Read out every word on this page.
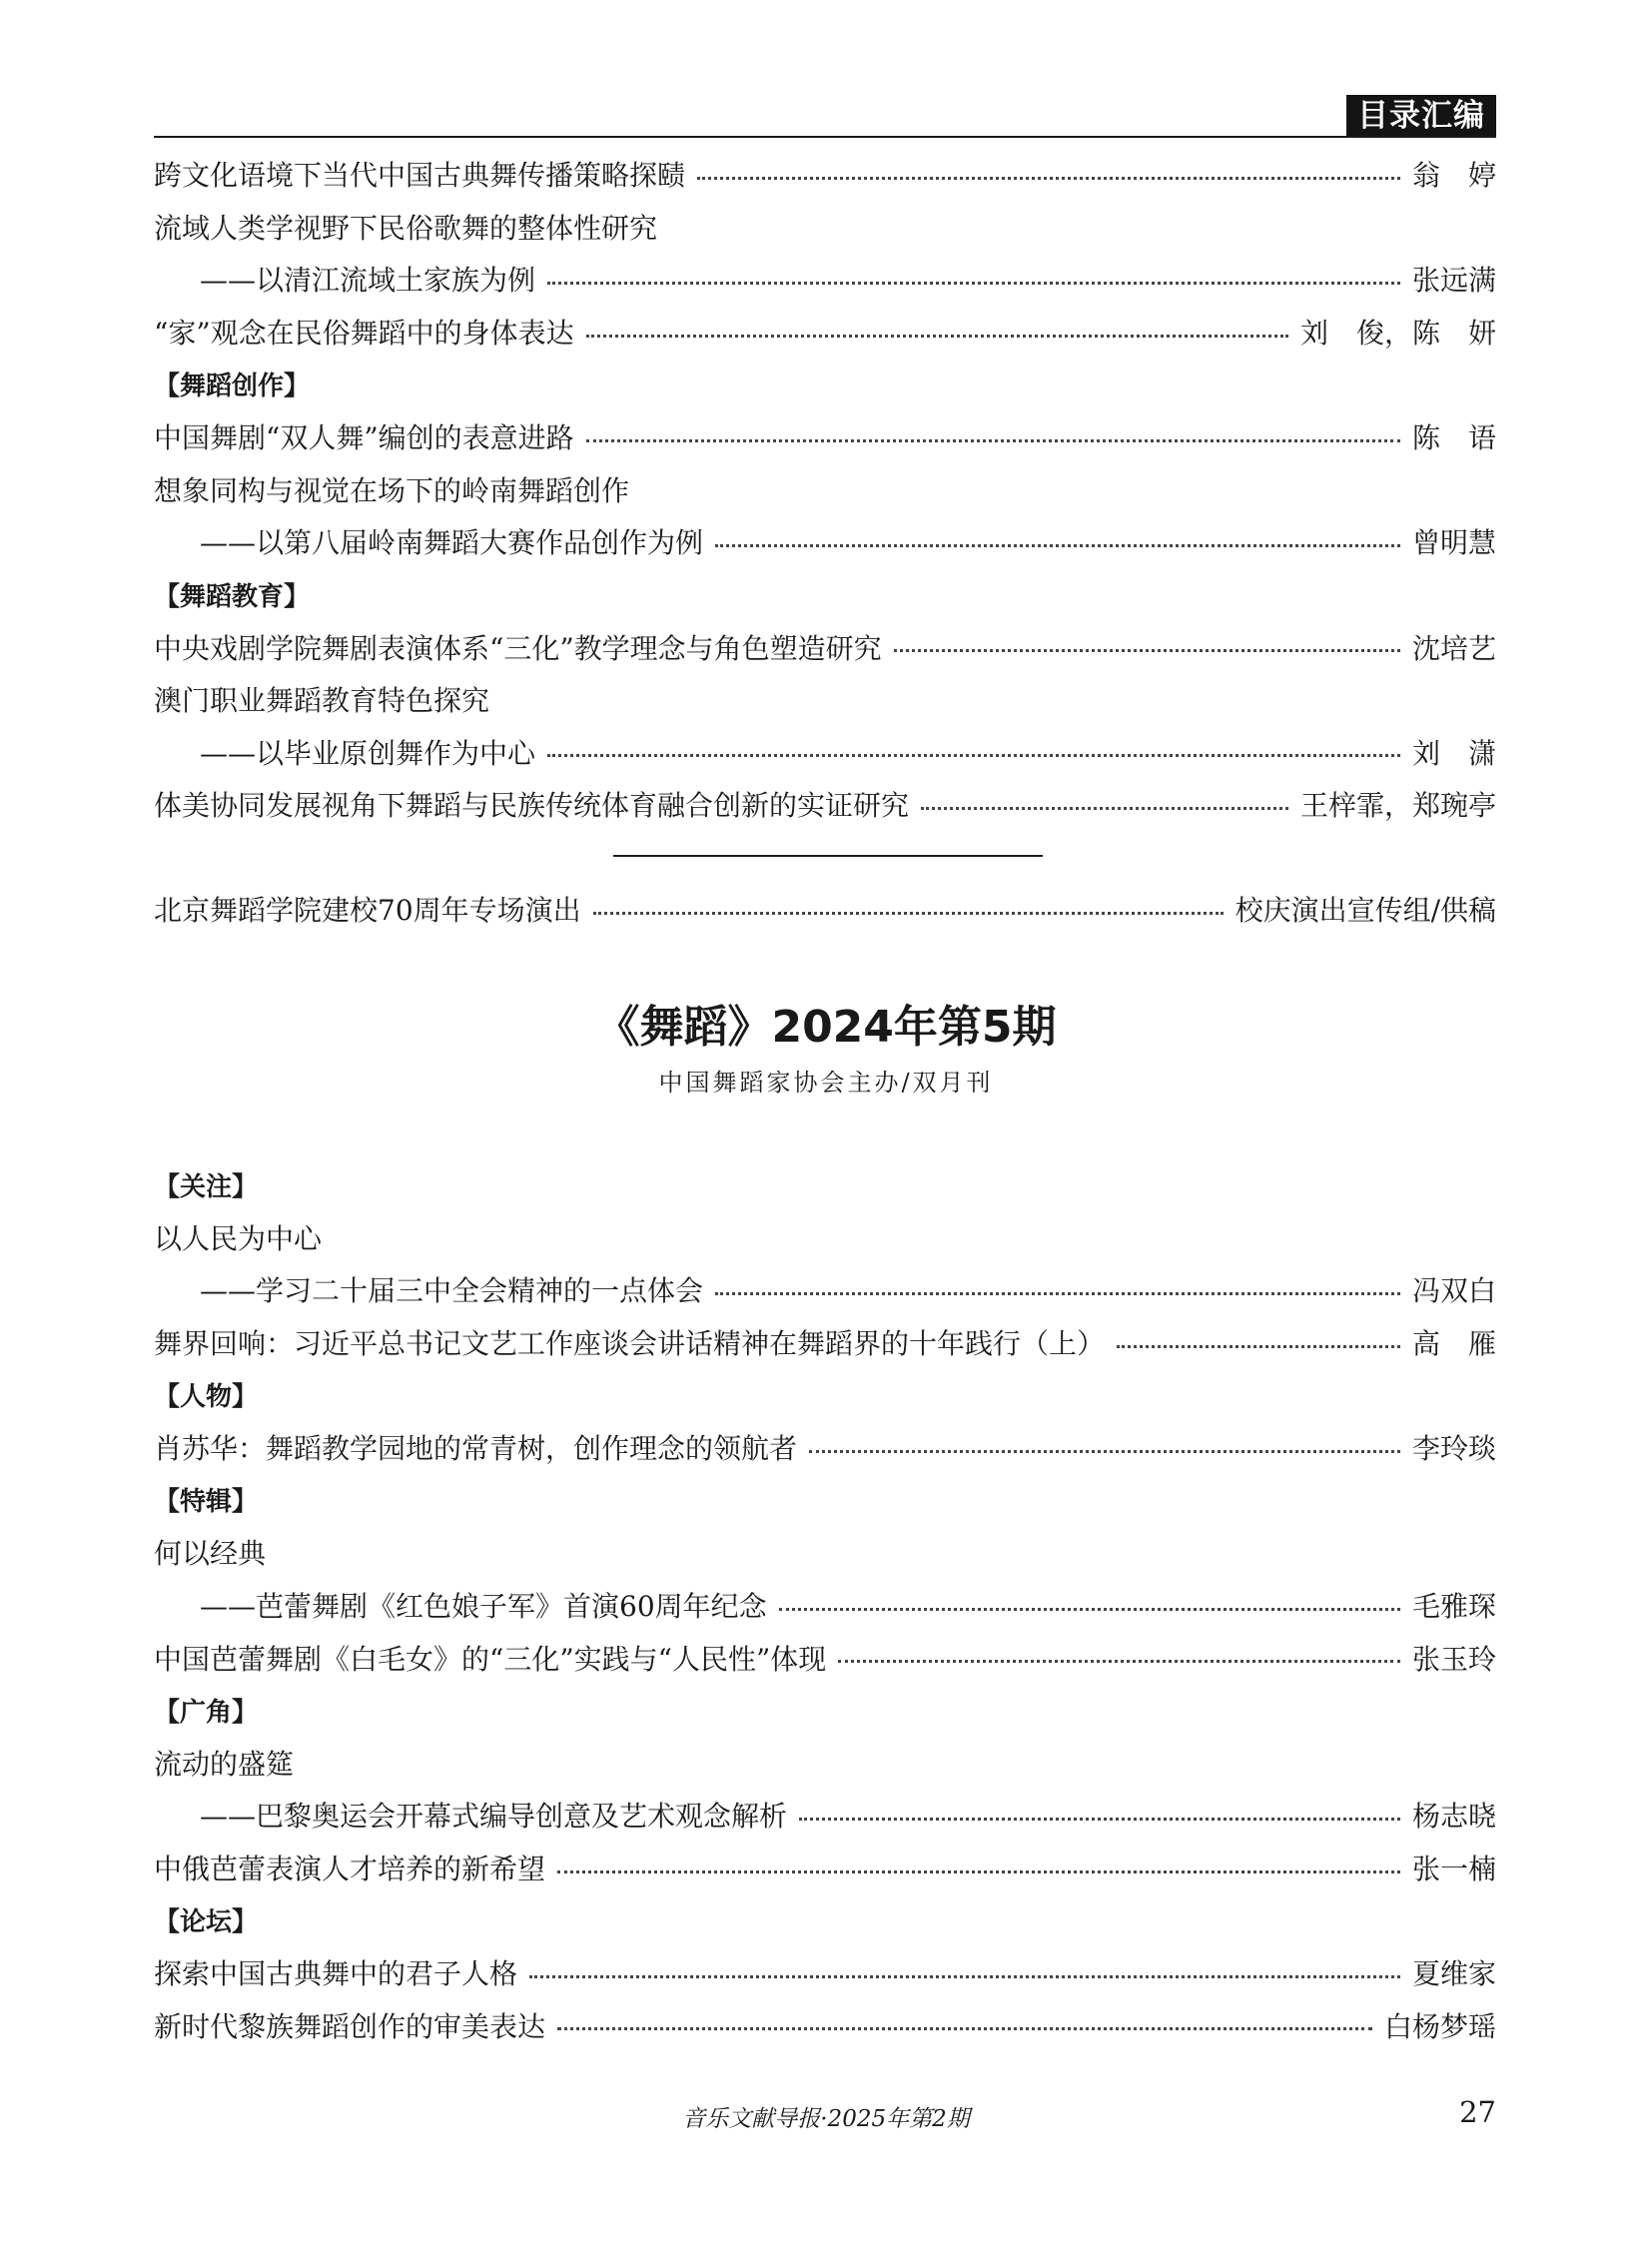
目录汇编
跨文化语境下当代中国古典舞传播策略探赜	翁　婷
流域人类学视野下民俗歌舞的整体性研究
——以清江流域土家族为例	张远满
“家”观念在民俗舞蹈中的身体表达	刘　俊，陈　妍
【舞蹈创作】
中国舞剧“双人舞”编创的表意进路	陈　语
想象同构与视觉在场下的岭南舞蹈创作
——以第八届岭南舞蹈大赛作品创作为例	曾明慧
【舞蹈教育】
中央戏剧学院舞剧表演体系“三化”教学理念与角色塑造研究	沈培艺
澳门职业舞蹈教育特色探究
——以毕业原创舞作为中心	刘　潇
体美协同发展视角下舞蹈与民族传统体育融合创新的实证研究	王梓霏，郑琬亭
北京舞蹈学院建校70周年专场演出	校庆演出宣传组/供稿
《舞蹈》2024年第5期
中国舞蹈家协会主办/双月刊
【关注】
以人民为中心
——学习二十届三中全会精神的一点体会	冯双白
舞界回响：习近平总书记文艺工作座谈会讲话精神在舞蹈界的十年践行（上）	高　雁
【人物】
肖苏华：舞蹈教学园地的常青树，创作理念的领航者	李玲琰
【特辑】
何以经典
——芭蕾舞剧《红色娘子军》首演60周年纪念	毛雅琛
中国芭蕾舞剧《白毛女》的“三化”实践与“人民性”体现	张玉玲
【广角】
流动的盛筵
——巴黎奥运会开幕式编导创意及艺术观念解析	杨志晓
中俄芭蕾表演人才培养的新希望	张一楠
【论坛】
探索中国古典舞中的君子人格	夏维家
新时代黎族舞蹈创作的审美表达	白杨梦瑶
音乐文献导报·2025年第2期	27
